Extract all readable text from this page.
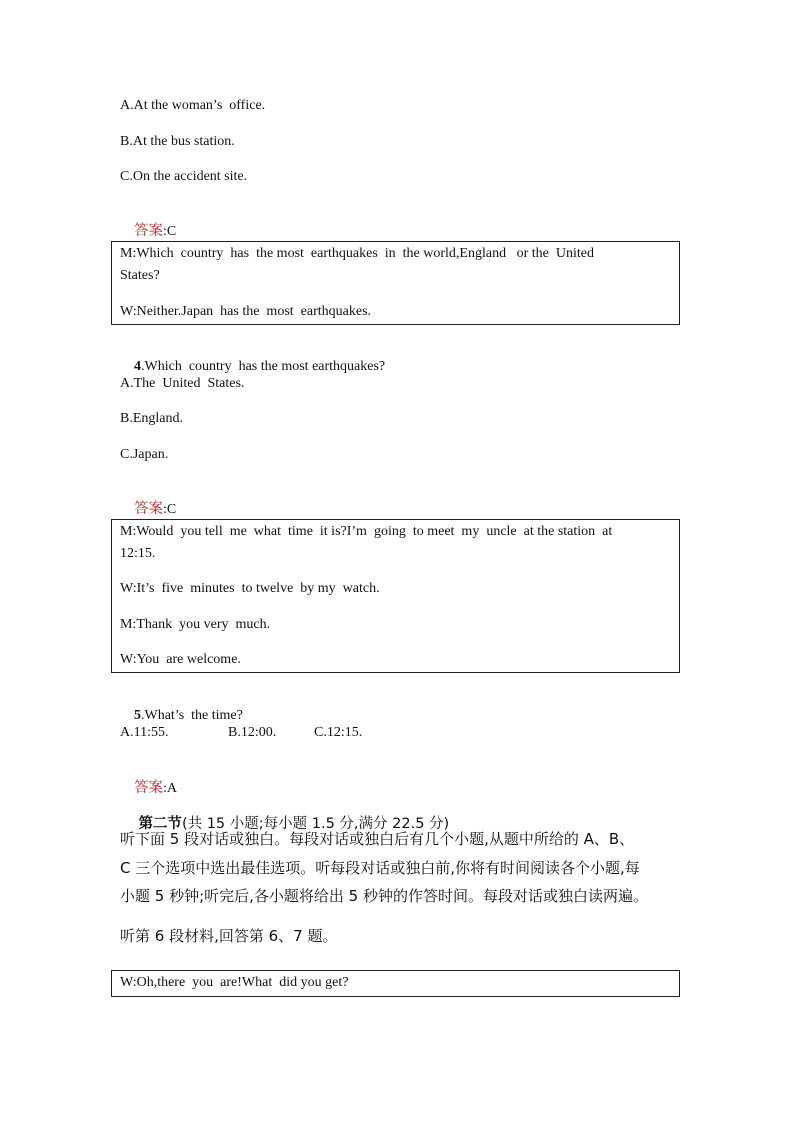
A.At the woman’s  office.
B.At the bus station.
C.On the accident site.

答案:C

M:Which  country  has  the most  earthquakes  in  the world,England   or the  United
States?
W:Neither.Japan  has the  most  earthquakes.

4.Which  country  has the most earthquakes?

A.The  United  States.
B.England.
C.Japan.

答案:C

M:Would  you tell  me  what  time  it is?I’m  going  to meet  my  uncle  at the station  at
12:15.
W:It’s  five  minutes  to twelve  by my  watch.
M:Thank  you very  much.
W:You  are welcome.

5.What’s  the time?

A.11:55.	B.12:00.	C.12:15.

答案:A

第二节(共 15 小题;每小题 1.5 分,满分 22.5 分)

听下面 5 段对话或独白。每段对话或独白后有几个小题,从题中所给的 A、B、
C 三个选项中选出最佳选项。听每段对话或独白前,你将有时间阅读各个小题,每
小题 5 秒钟;听完后,各小题将给出 5 秒钟的作答时间。每段对话或独白读两遍。
听第 6 段材料,回答第 6、7 题。
W:Oh,there  you  are!What  did you get?
